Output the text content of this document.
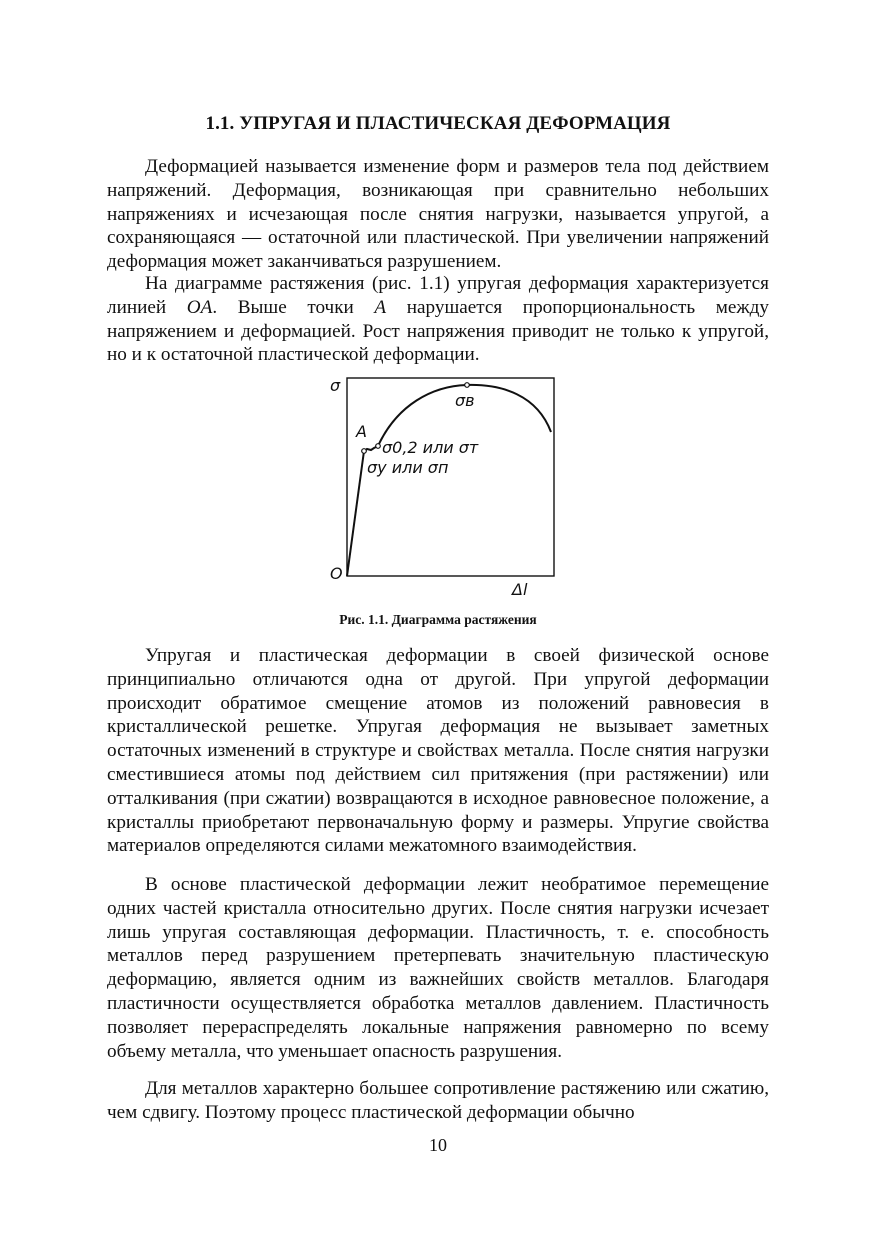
1.1. УПРУГАЯ И ПЛАСТИЧЕСКАЯ ДЕФОРМАЦИЯ

Деформацией называется изменение форм и размеров тела под действием напряжений. Деформация, возникающая при сравнительно небольших напряжениях и исчезающая после снятия нагрузки, называется упругой, а сохраняющаяся — остаточной или пластической. При увеличении напряжений деформация может заканчиваться разрушением.

На диаграмме растяжения (рис. 1.1) упругая деформация характеризуется линией OA. Выше точки A нарушается пропорциональность между напряжением и деформацией. Рост напряжения приводит не только к упругой, но и к остаточной пластической деформации.

σ
O
Δl
σв
A
σ0,2 или σт
σу или σп
Рис. 1.1. Диаграмма растяжения

Упругая и пластическая деформации в своей физической основе принципиально отличаются одна от другой. При упругой деформации происходит обратимое смещение атомов из положений равновесия в кристаллической решетке. Упругая деформация не вызывает заметных остаточных изменений в структуре и свойствах металла. После снятия нагрузки сместившиеся атомы под действием сил притяжения (при растяжении) или отталкивания (при сжатии) возвращаются в исходное равновесное положение, а кристаллы приобретают первоначальную форму и размеры. Упругие свойства материалов определяются силами межатомного взаимодействия.

В основе пластической деформации лежит необратимое перемещение одних частей кристалла относительно других. После снятия нагрузки исчезает лишь упругая составляющая деформации. Пластичность, т. е. способность металлов перед разрушением претерпевать значительную пластическую деформацию, является одним из важнейших свойств металлов. Благодаря пластичности осуществляется обработка металлов давлением. Пластичность позволяет перераспределять локальные напряжения равномерно по всему объему металла, что уменьшает опасность разрушения.

Для металлов характерно большее сопротивление растяжению или сжатию, чем сдвигу. Поэтому процесс пластической деформации обычно

10
